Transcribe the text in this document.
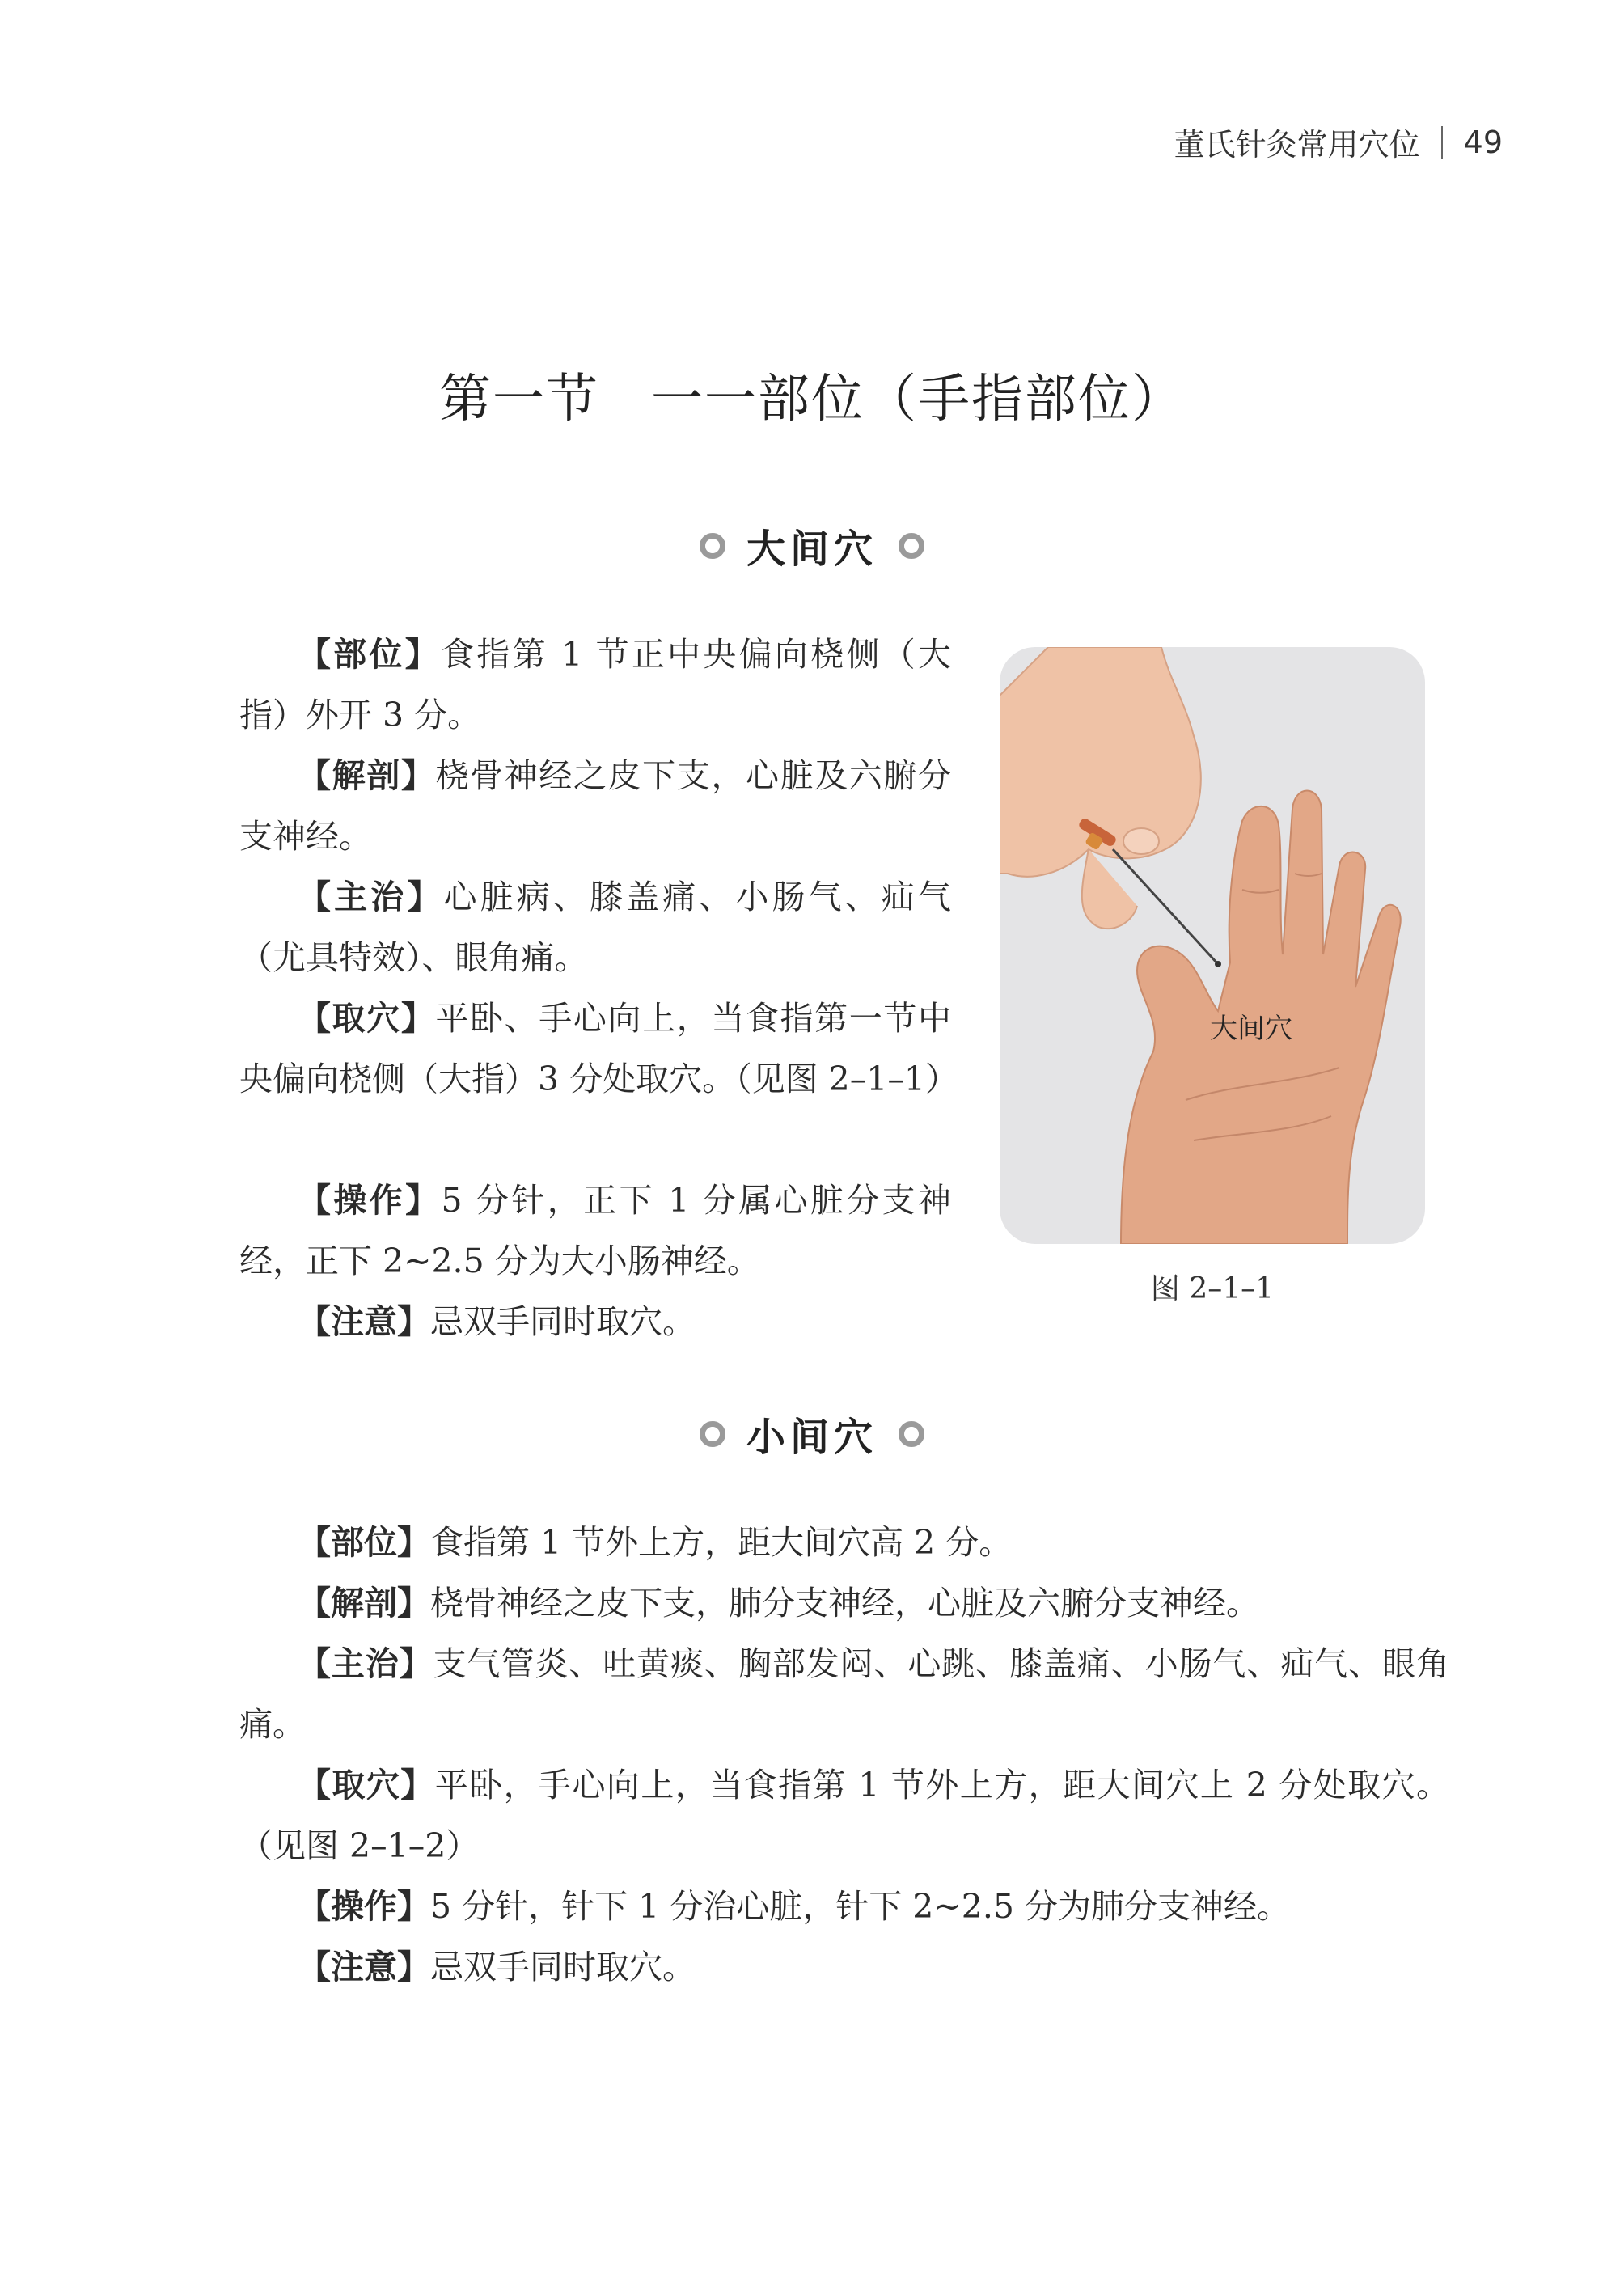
董氏针灸常用穴位 49
第一节 一一部位（手指部位）
大间穴

【部位】食指第 1 节正中央偏向桡侧（大指）外开 3 分。

【解剖】桡骨神经之皮下支，心脏及六腑分支神经。

【主治】心脏病、膝盖痛、小肠气、疝气（尤具特效）、眼角痛。

【取穴】平卧、手心向上，当食指第一节中央偏向桡侧（大指）3 分处取穴。（见图 2–1–1）

【操作】5 分针，正下 1 分属心脏分支神经，正下 2~2.5 分为大小肠神经。

【注意】忌双手同时取穴。

大间穴
图 2–1–1
小间穴

【部位】食指第 1 节外上方，距大间穴高 2 分。

【解剖】桡骨神经之皮下支，肺分支神经，心脏及六腑分支神经。

【主治】支气管炎、吐黄痰、胸部发闷、心跳、膝盖痛、小肠气、疝气、眼角痛。

【取穴】平卧，手心向上，当食指第 1 节外上方，距大间穴上 2 分处取穴。（见图 2–1–2）

【操作】5 分针，针下 1 分治心脏，针下 2~2.5 分为肺分支神经。

【注意】忌双手同时取穴。
